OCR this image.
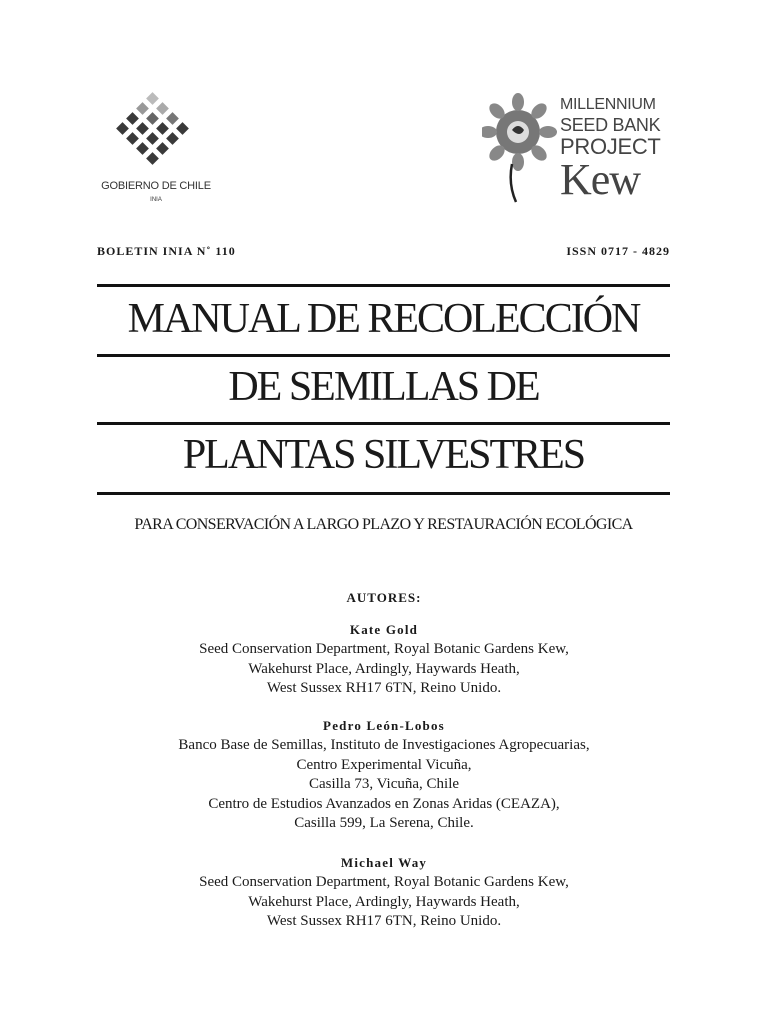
GOBIERNO DE CHILE
INIA
MILLENNIUM
SEED BANK
PROJECT
Kew
BOLETIN INIA N˚ 110	ISSN 0717 - 4829
MANUAL DE RECOLECCIÓN
DE SEMILLAS DE
PLANTAS SILVESTRES
PARA CONSERVACIÓN A LARGO PLAZO Y RESTAURACIÓN ECOLÓGICA
AUTORES:
Kate Gold
Seed Conservation Department, Royal Botanic Gardens Kew,
Wakehurst Place, Ardingly, Haywards Heath,
West Sussex RH17 6TN, Reino Unido.
Pedro León-Lobos
Banco Base de Semillas, Instituto de Investigaciones Agropecuarias,
Centro Experimental Vicuña,
Casilla 73, Vicuña, Chile
Centro de Estudios Avanzados en Zonas Aridas (CEAZA),
Casilla 599, La Serena, Chile.
Michael Way
Seed Conservation Department, Royal Botanic Gardens Kew,
Wakehurst Place, Ardingly, Haywards Heath,
West Sussex RH17 6TN, Reino Unido.
